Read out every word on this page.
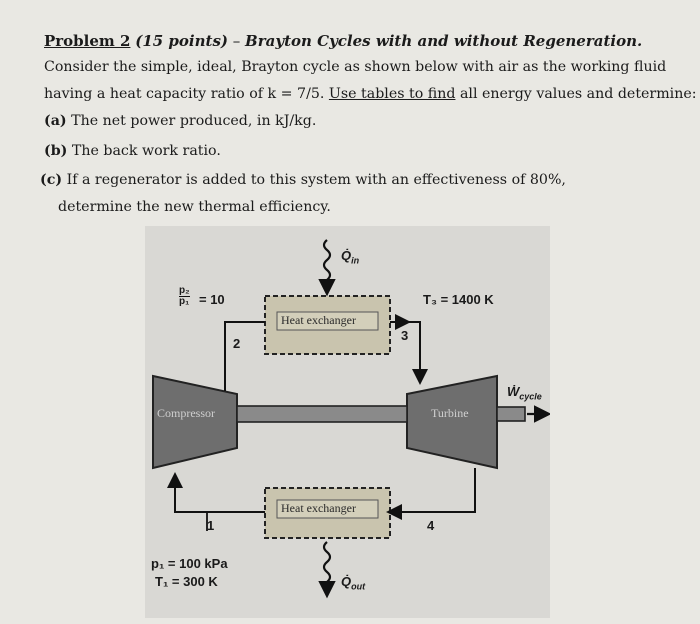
Problem 2 (15 points) – Brayton Cycles with and without Regeneration.
Consider the simple, ideal, Brayton cycle as shown below with air as the working fluid
having a heat capacity ratio of k = 7/5. Use tables to find all energy values and determine:
(a) The net power produced, in kJ/kg.
(b) The back work ratio.
(c) If a regenerator is added to this system with an effectiveness of 80%,
determine the new thermal efficiency.
$Q̇_{in}$
$\frac{\text{p₂}}{\text{p₁}} = 10$	T₃ = 1400 K
Heat exchanger
Heat exchanger
2
3
4
1
Compressor	Turbine
Ẇ$_{cycle}$
p₁ = 100 kPa
T₁ = 300 K	$Q̇_{out}$
